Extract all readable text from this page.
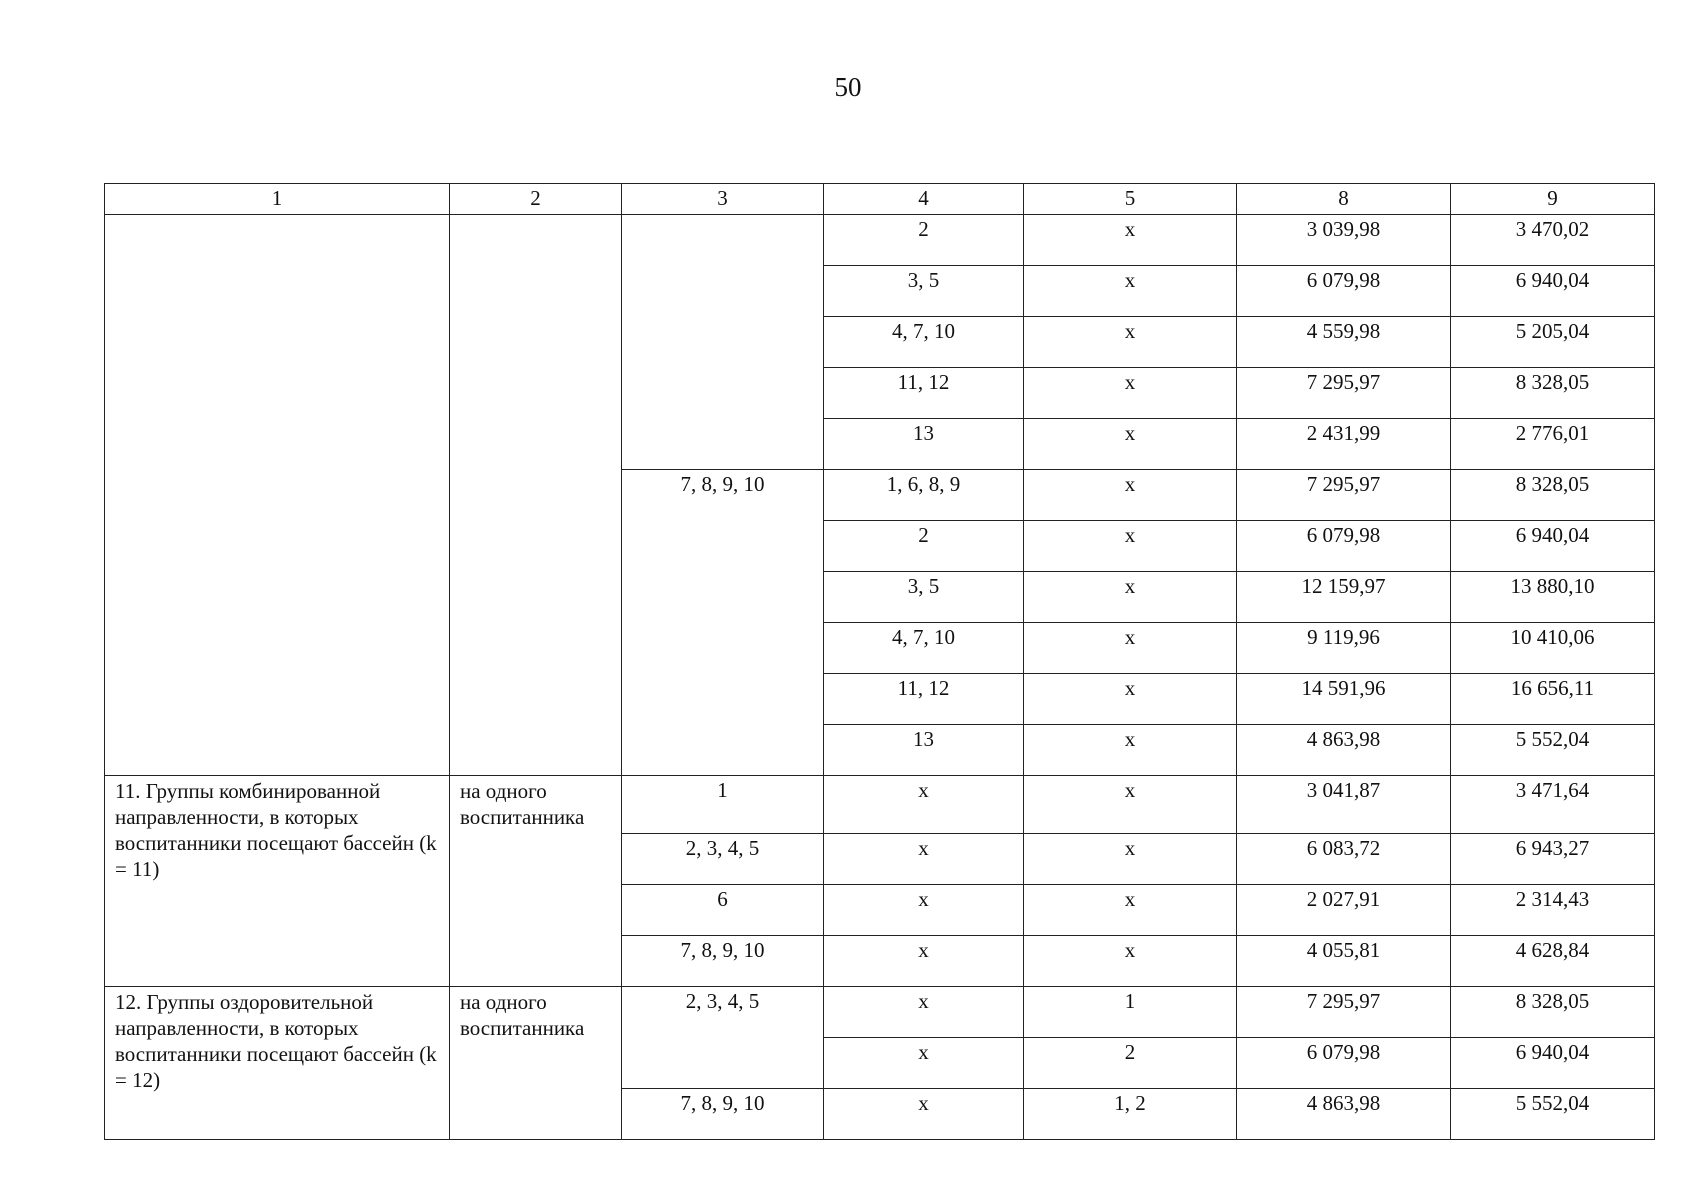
50
1	2	3	4	5	8	9
			2	x	3 039,98	3 470,02
			3, 5	x	6 079,98	6 940,04
			4, 7, 10	x	4 559,98	5 205,04
			11, 12	x	7 295,97	8 328,05
			13	x	2 431,99	2 776,01
		7, 8, 9, 10	1, 6, 8, 9	x	7 295,97	8 328,05
			2	x	6 079,98	6 940,04
			3, 5	x	12 159,97	13 880,10
			4, 7, 10	x	9 119,96	10 410,06
			11, 12	x	14 591,96	16 656,11
			13	x	4 863,98	5 552,04
11. Группы комбинированной направленности, в которых воспитанники посещают бассейн (k = 11)	на одного воспитанника	1	x	x	3 041,87	3 471,64
		2, 3, 4, 5	x	x	6 083,72	6 943,27
		6	x	x	2 027,91	2 314,43
		7, 8, 9, 10	x	x	4 055,81	4 628,84
12. Группы оздоровительной направленности, в которых воспитанники посещают бассейн (k = 12)	на одного воспитанника	2, 3, 4, 5	x	1	7 295,97	8 328,05
			x	2	6 079,98	6 940,04
		7, 8, 9, 10	x	1, 2	4 863,98	5 552,04
